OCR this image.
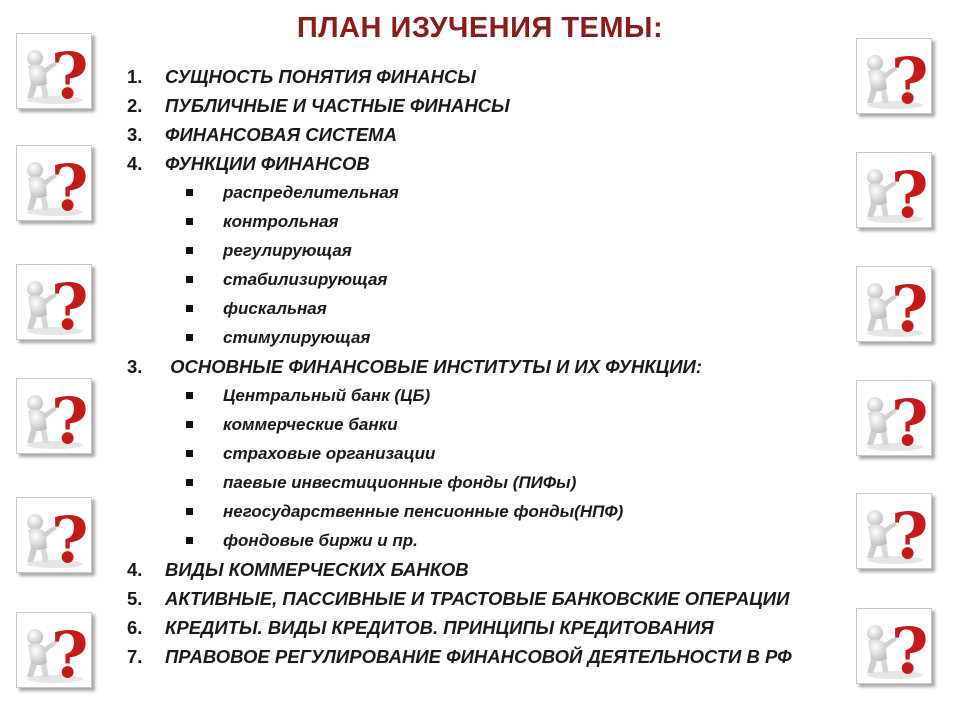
ПЛАН ИЗУЧЕНИЯ ТЕМЫ:
1. СУЩНОСТЬ ПОНЯТИЯ ФИНАНСЫ
2. ПУБЛИЧНЫЕ И ЧАСТНЫЕ ФИНАНСЫ
3. ФИНАНСОВАЯ СИСТЕМА
4. ФУНКЦИИ ФИНАНСОВ
распределительная
контрольная
регулирующая
стабилизирующая
фискальная
стимулирующая
3. ОСНОВНЫЕ ФИНАНСОВЫЕ ИНСТИТУТЫ И ИХ ФУНКЦИИ:
Центральный банк (ЦБ)
коммерческие банки
страховые организации
паевые инвестиционные фонды (ПИФы)
негосударственные пенсионные фонды(НПФ)
фондовые биржи и пр.
4. ВИДЫ КОММЕРЧЕСКИХ БАНКОВ
5. АКТИВНЫЕ, ПАССИВНЫЕ И ТРАСТОВЫЕ БАНКОВСКИЕ ОПЕРАЦИИ
6. КРЕДИТЫ. ВИДЫ КРЕДИТОВ. ПРИНЦИПЫ КРЕДИТОВАНИЯ
7. ПРАВОВОЕ РЕГУЛИРОВАНИЕ ФИНАНСОВОЙ ДЕЯТЕЛЬНОСТИ В РФ
?	?
?	?
?	?
?	?
?	?
?	?
